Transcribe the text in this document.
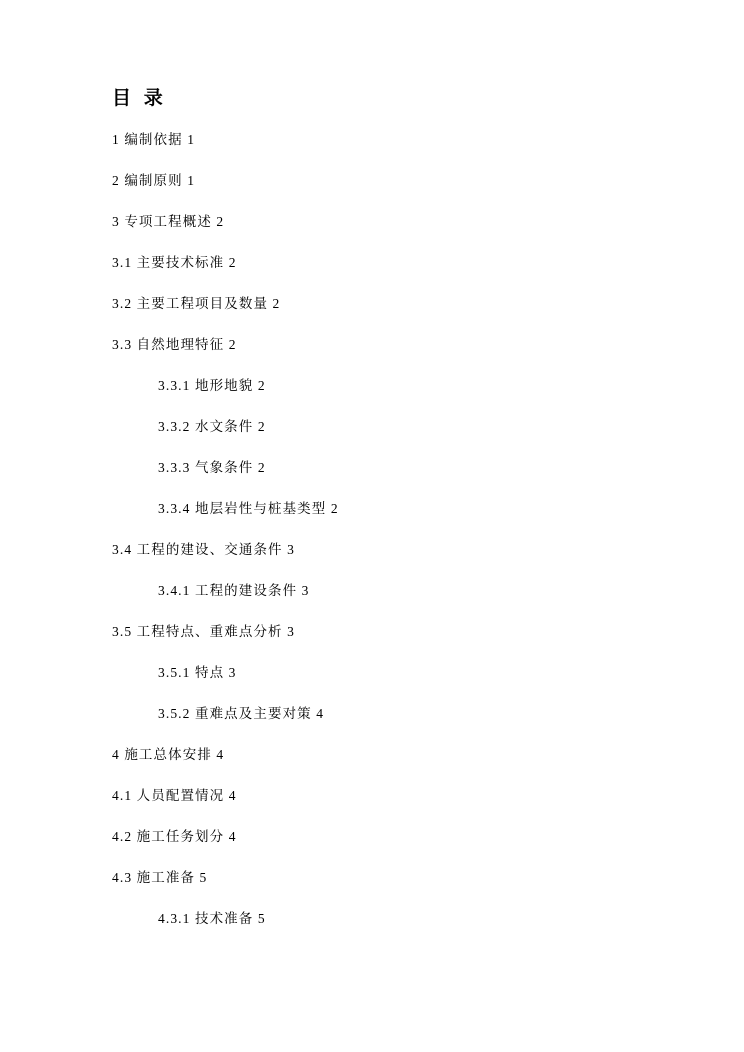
目 录
1 编制依据 1
2 编制原则 1
3 专项工程概述 2
3.1 主要技术标准 2
3.2 主要工程项目及数量 2
3.3 自然地理特征 2
3.3.1 地形地貌 2
3.3.2 水文条件 2
3.3.3 气象条件 2
3.3.4 地层岩性与桩基类型 2
3.4 工程的建设、交通条件 3
3.4.1 工程的建设条件 3
3.5 工程特点、重难点分析 3
3.5.1 特点 3
3.5.2 重难点及主要对策 4
4 施工总体安排 4
4.1 人员配置情况 4
4.2 施工任务划分 4
4.3 施工准备 5
4.3.1 技术准备 5
